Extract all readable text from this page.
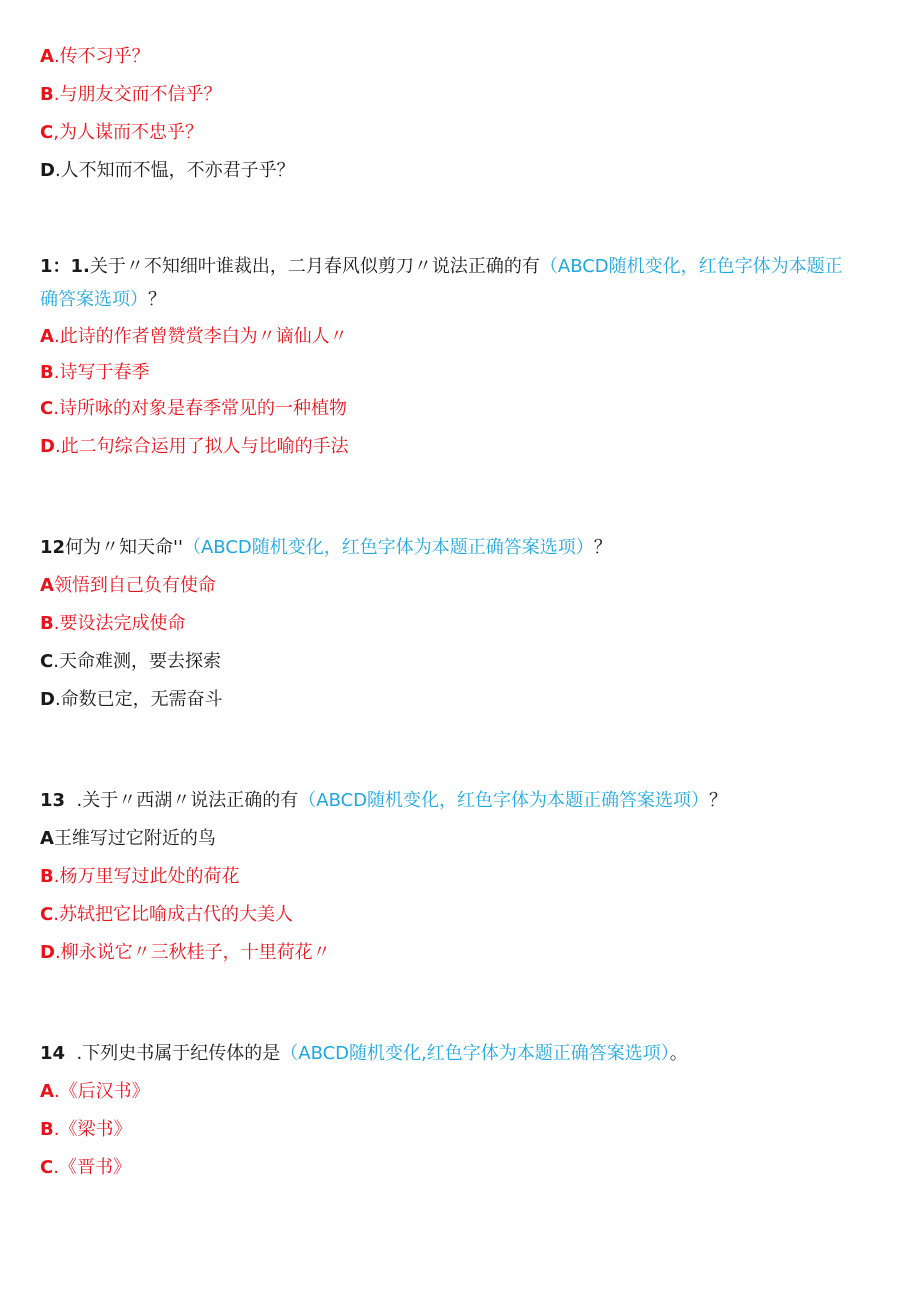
A.传不习乎？
B.与朋友交而不信乎？
C,为人谋而不忠乎？
D.人不知而不愠，不亦君子乎？
1：1.关于〃不知细叶谁裁出，二月春风似剪刀〃说法正确的有（ABCD随机变化，红色字体为本题正
确答案选项）？
A.此诗的作者曾赞赏李白为〃谪仙人〃
B.诗写于春季
C.诗所咏的对象是春季常见的一种植物
D.此二句综合运用了拟人与比喻的手法
12何为〃知天命''（ABCD随机变化，红色字体为本题正确答案选项）？
A领悟到自己负有使命
B.要设法完成使命
C.天命难测，要去探索
D.命数已定，无需奋斗
13 .关于〃西湖〃说法正确的有（ABCD随机变化，红色字体为本题正确答案选项）？
A王维写过它附近的鸟
B.杨万里写过此处的荷花
C.苏轼把它比喻成古代的大美人
D.柳永说它〃三秋桂子，十里荷花〃
14 .下列史书属于纪传体的是（ABCD随机变化,红色字体为本题正确答案选项）。
A.《后汉书》
B.《梁书》
C.《晋书》
